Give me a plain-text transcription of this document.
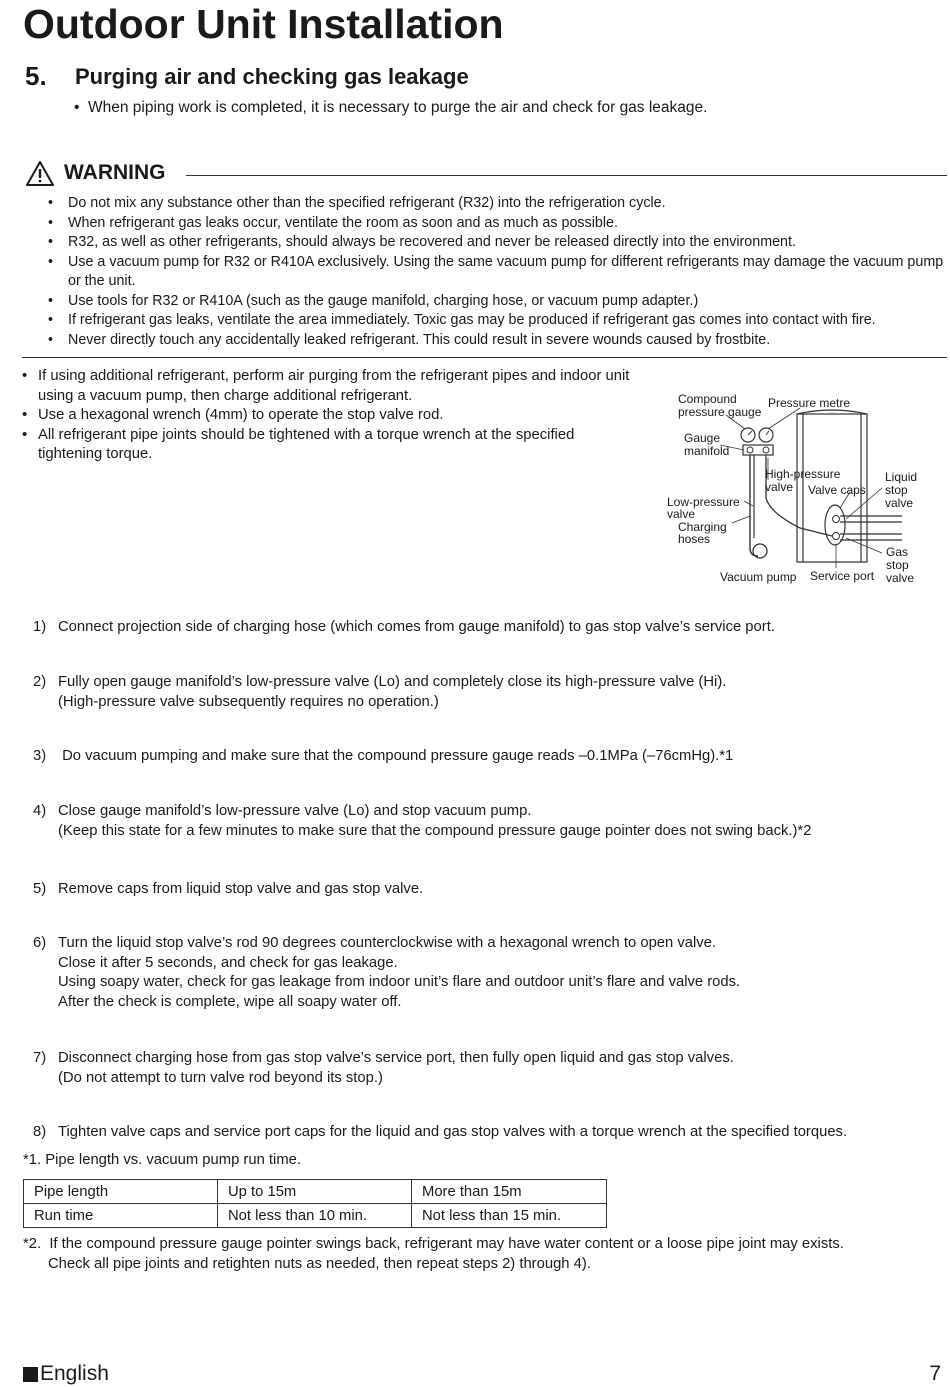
Outdoor Unit Installation
5. Purging air and checking gas leakage
• When piping work is completed, it is necessary to purge the air and check for gas leakage.
WARNING
• Do not mix any substance other than the specified refrigerant (R32) into the refrigeration cycle.
• When refrigerant gas leaks occur, ventilate the room as soon and as much as possible.
• R32, as well as other refrigerants, should always be recovered and never be released directly into the environment.
• Use a vacuum pump for R32 or R410A exclusively. Using the same vacuum pump for different refrigerants may damage the vacuum pump or the unit.
• Use tools for R32 or R410A (such as the gauge manifold, charging hose, or vacuum pump adapter.)
• If refrigerant gas leaks, ventilate the area immediately. Toxic gas may be produced if refrigerant gas comes into contact with fire.
• Never directly touch any accidentally leaked refrigerant. This could result in severe wounds caused by frostbite.
• If using additional refrigerant, perform air purging from the refrigerant pipes and indoor unit using a vacuum pump, then charge additional refrigerant.
• Use a hexagonal wrench (4mm) to operate the stop valve rod.
• All refrigerant pipe joints should be tightened with a torque wrench at the specified tightening torque.
Compound
pressure gauge
Pressure metre
Gauge
manifold
High-pressure
valve Valve caps
Liquid
stop
valve
Low-pressure
valve
Charging
hoses
Gas
stop
valve
Vacuum pump Service port
1) Connect projection side of charging hose (which comes from gauge manifold) to gas stop valve’s service port.
2) Fully open gauge manifold’s low-pressure valve (Lo) and completely close its high-pressure valve (Hi).
(High-pressure valve subsequently requires no operation.)
3) Do vacuum pumping and make sure that the compound pressure gauge reads –0.1MPa (–76cmHg).*1
4) Close gauge manifold’s low-pressure valve (Lo) and stop vacuum pump.
(Keep this state for a few minutes to make sure that the compound pressure gauge pointer does not swing back.)*2
5) Remove caps from liquid stop valve and gas stop valve.
6) Turn the liquid stop valve’s rod 90 degrees counterclockwise with a hexagonal wrench to open valve.
Close it after 5 seconds, and check for gas leakage.
Using soapy water, check for gas leakage from indoor unit’s flare and outdoor unit’s flare and valve rods.
After the check is complete, wipe all soapy water off.
7) Disconnect charging hose from gas stop valve’s service port, then fully open liquid and gas stop valves.
(Do not attempt to turn valve rod beyond its stop.)
8) Tighten valve caps and service port caps for the liquid and gas stop valves with a torque wrench at the specified torques.
*1. Pipe length vs. vacuum pump run time.
Pipe length	Up to 15m	More than 15m
Run time	Not less than 10 min.	Not less than 15 min.
*2.  If the compound pressure gauge pointer swings back, refrigerant may have water content or a loose pipe joint may exists.
Check all pipe joints and retighten nuts as needed, then repeat steps 2) through 4).
English	7
